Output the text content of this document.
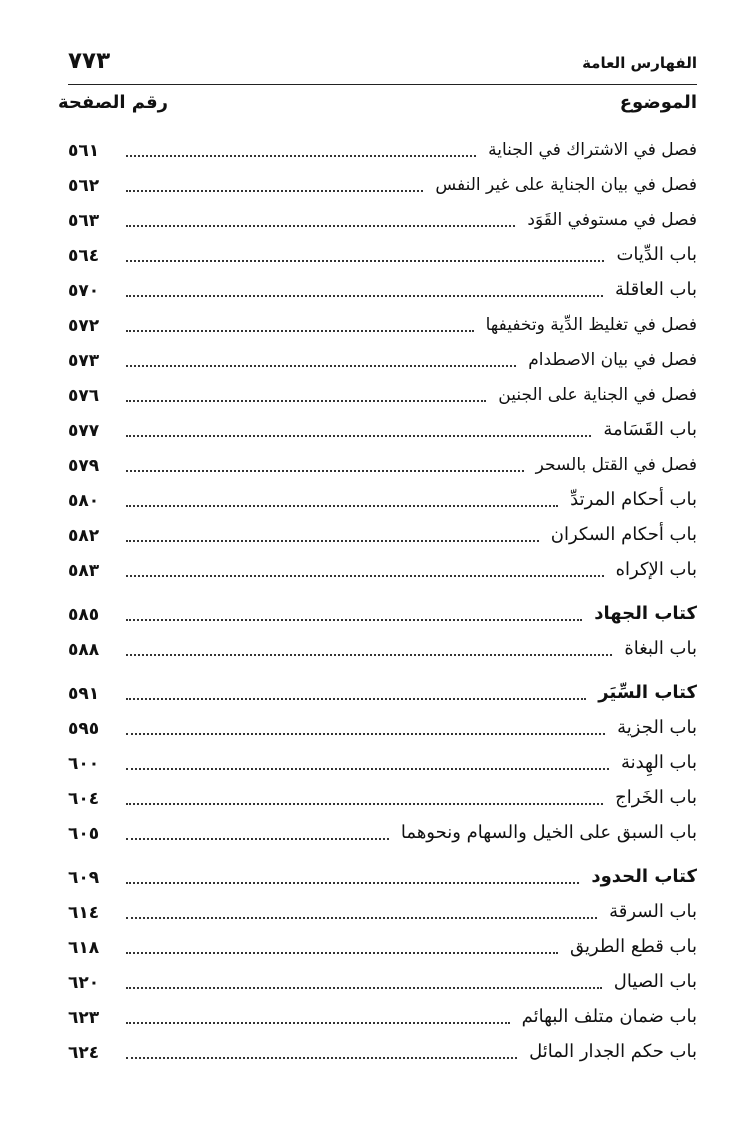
الفهارس العامة
٧٧٣
الموضوع
رقم الصفحة
فصل في الاشتراك في الجناية
٥٦١
فصل في بيان الجناية على غير النفس
٥٦٢
فصل في مستوفي القَوَد
٥٦٣
باب الدِّيات
٥٦٤
باب العاقلة
٥٧٠
فصل في تغليظ الدِّية وتخفيفها
٥٧٢
فصل في بيان الاصطدام
٥٧٣
فصل في الجناية على الجنين
٥٧٦
باب القَسَامة
٥٧٧
فصل في القتل بالسحر
٥٧٩
باب أحكام المرتدِّ
٥٨٠
باب أحكام السكران
٥٨٢
باب الإكراه
٥٨٣
كتاب الجهاد
٥٨٥
باب البغاة
٥٨٨
كتاب السِّيَر
٥٩١
باب الجزية
٥٩٥
باب الهِدنة
٦٠٠
باب الخَراج
٦٠٤
باب السبق على الخيل والسهام ونحوهما
٦٠٥
كتاب الحدود
٦٠٩
باب السرقة
٦١٤
باب قطع الطريق
٦١٨
باب الصيال
٦٢٠
باب ضمان متلف البهائم
٦٢٣
باب حكم الجدار المائل
٦٢٤
